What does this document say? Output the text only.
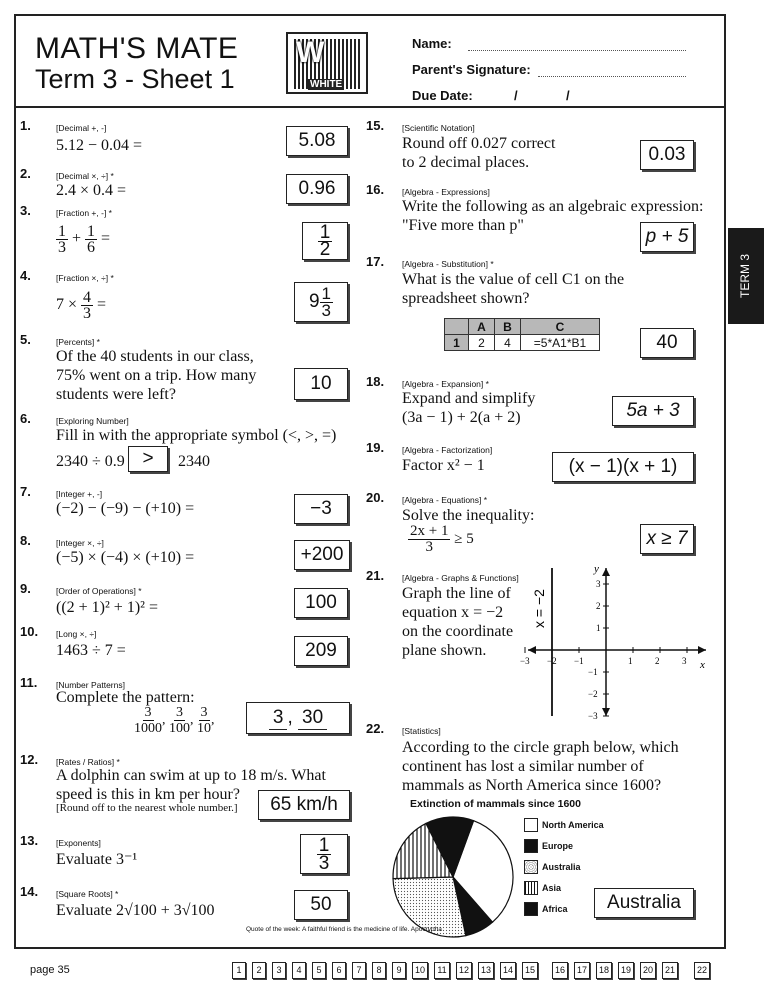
MATH'S MATE
Term 3 - Sheet 1
W
WHITE
Name:
Parent's Signature:
Due Date:	/	/
TERM 3
1.	[Decimal +, -]
5.12 − 0.04 =	5.08
2.	[Decimal ×, ÷] *
2.4 × 0.4 =	0.96
3.	[Fraction +, -] *
$\frac{1}{3} + \frac{1}{6}$ =	$\frac{1}{2}$
4.	[Fraction ×, ÷] *
$7 \times \frac{4}{3}$ =	$9 \frac{1}{3}$
5.	[Percents] *
Of the 40 students in our class,
75% went on a trip. How many
students were left?
10
6.	[Exploring Number]
Fill in with the appropriate symbol (<, >, =)
2340 ÷ 0.9 >	2340
7.	[Integer +, -]
(−2) − (−9) − (+10) =	−3
8.	[Integer ×, ÷]
(−5) × (−4) × (+10) =	+200
9.	[Order of Operations] *
((2 + 1)² + 1)² =	100
10. [Long ×, ÷]
1463 ÷ 7 =	209
11. [Number Patterns]
Complete the pattern:
$\frac{3}{1000}$ , $\frac{3}{100}$ , $\frac{3}{10}$ ,	3 , 30
12. [Rates / Ratios] *
A dolphin can swim at up to 18 m/s. What
speed is this in km per hour?
[Round off to the nearest whole number.]	65 km/h
13. [Exponents]
Evaluate 3⁻¹	$\frac{1}{3}$
14. [Square Roots] *
Evaluate 2√100 + 3√100	50
15. [Scientific Notation]
Round off 0.027 correct
to 2 decimal places.	0.03
16. [Algebra - Expressions]
Write the following as an algebraic expression:
"Five more than p"
p + 5
17. [Algebra - Substitution] *
What is the value of cell C1 on the
spreadsheet shown?
	A	B	C
1	2	4	=5*A1*B1	40
18. [Algebra - Expansion] *
Expand and simplify
(3a − 1) + 2(a + 2)	5a + 3
19. [Algebra - Factorization]
Factor x² − 1	(x − 1)(x + 1)
20. [Algebra - Equations] *
Solve the inequality:
$\frac{2x + 1}{3} \ge 5$	x ≥ 7
21. [Algebra - Graphs & Functions]
Graph the line of
equation x = −2
on the coordinate
plane shown.
−3 −2 −1	1	2	3
3
2
1
−1
−2
−3
x
y
x = −2
22. [Statistics]
According to the circle graph below, which
continent has lost a similar number of
mammals as North America since 1600?
Extinction of mammals since 1600
North America
Europe
Australia
Asia
Africa	Australia
Quote of the week: A faithful friend is the medicine of life. Apocrypha
page 35	1	2	3	4	5	6	7	8	9	10	11	12	13	14	15	16	17	18	19	20	21	22
